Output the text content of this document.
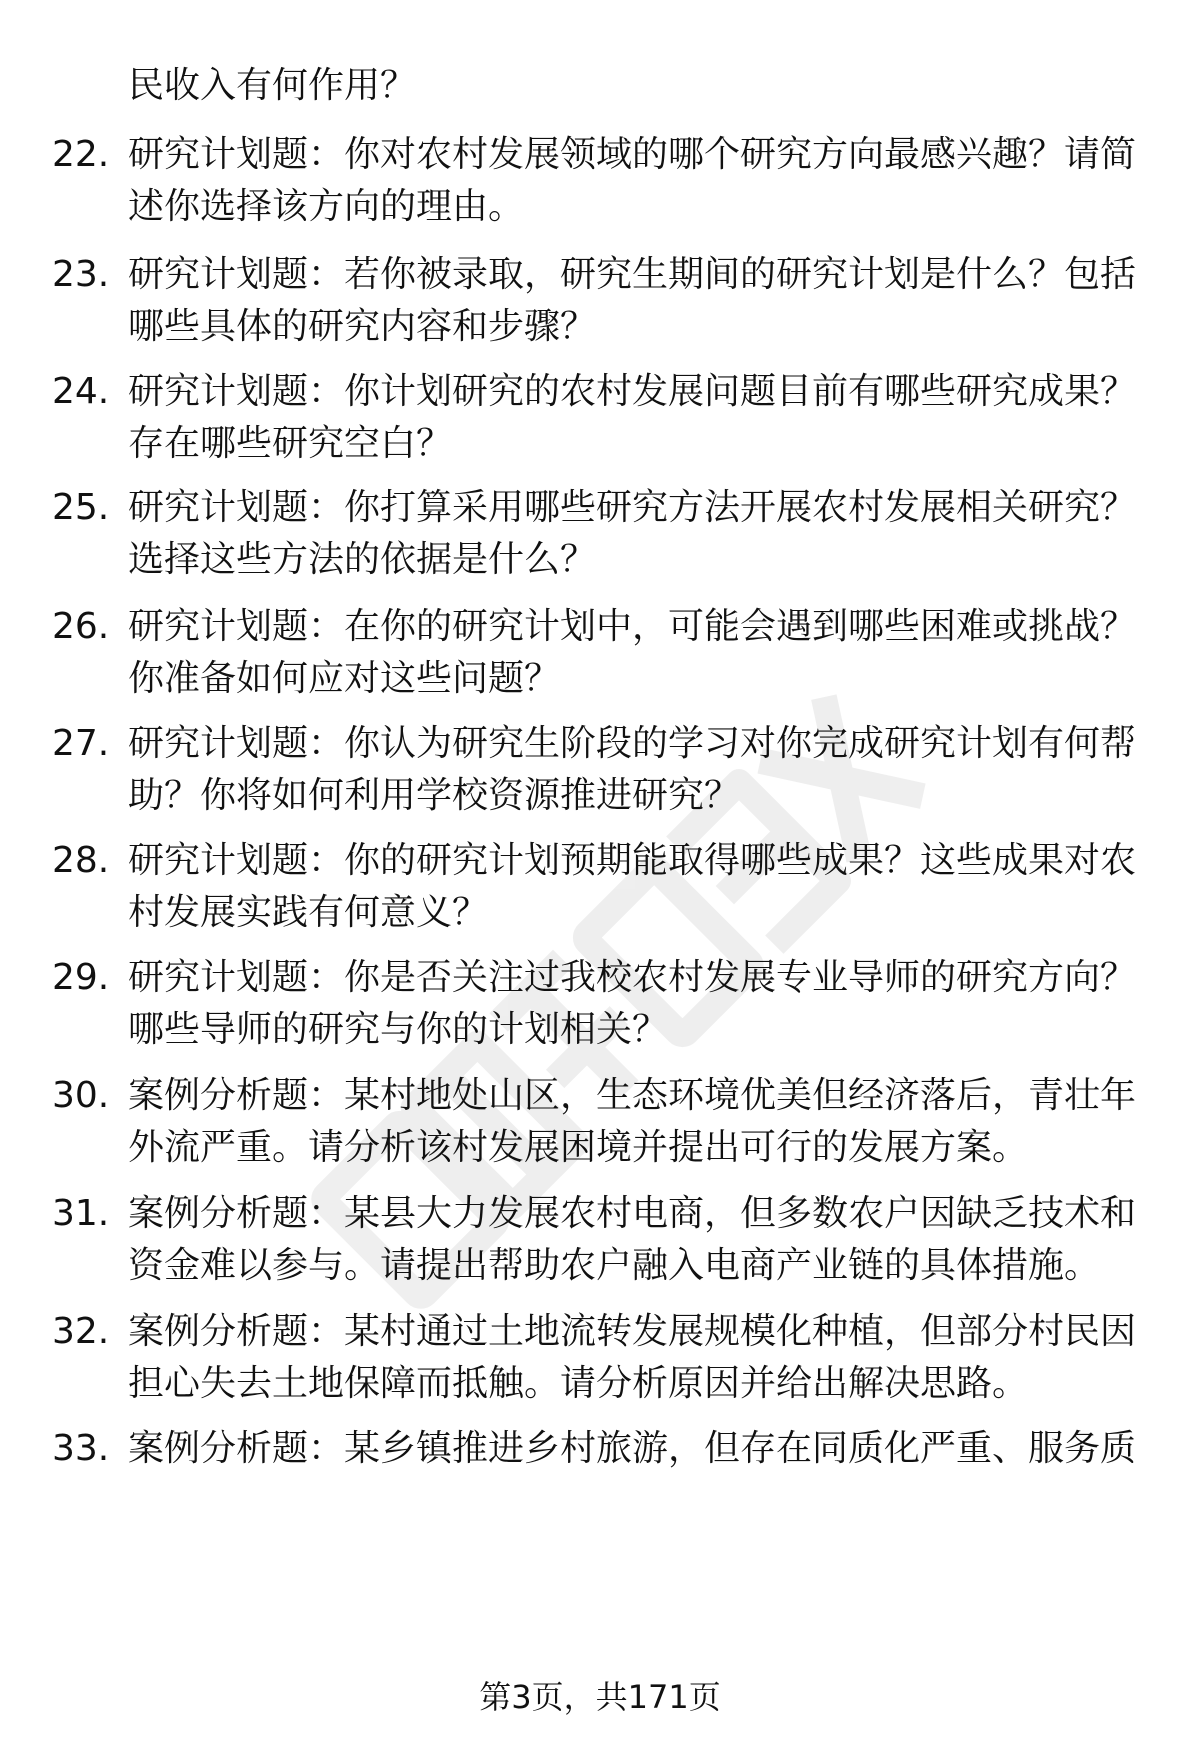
民收入有何作用？
22. 研究计划题：你对农村发展领域的哪个研究方向最感兴趣？请简
述你选择该方向的理由。
23. 研究计划题：若你被录取，研究生期间的研究计划是什么？包括
哪些具体的研究内容和步骤？
24. 研究计划题：你计划研究的农村发展问题目前有哪些研究成果？
存在哪些研究空白？
25. 研究计划题：你打算采用哪些研究方法开展农村发展相关研究？
选择这些方法的依据是什么？
26. 研究计划题：在你的研究计划中，可能会遇到哪些困难或挑战？
你准备如何应对这些问题？
27. 研究计划题：你认为研究生阶段的学习对你完成研究计划有何帮
助？你将如何利用学校资源推进研究？
28. 研究计划题：你的研究计划预期能取得哪些成果？这些成果对农
村发展实践有何意义？
29. 研究计划题：你是否关注过我校农村发展专业导师的研究方向？
哪些导师的研究与你的计划相关？
30. 案例分析题：某村地处山区，生态环境优美但经济落后，青壮年
外流严重。请分析该村发展困境并提出可行的发展方案。
31. 案例分析题：某县大力发展农村电商，但多数农户因缺乏技术和
资金难以参与。请提出帮助农户融入电商产业链的具体措施。
32. 案例分析题：某村通过土地流转发展规模化种植，但部分村民因
担心失去土地保障而抵触。请分析原因并给出解决思路。
33. 案例分析题：某乡镇推进乡村旅游，但存在同质化严重、服务质
第3页，共171页
